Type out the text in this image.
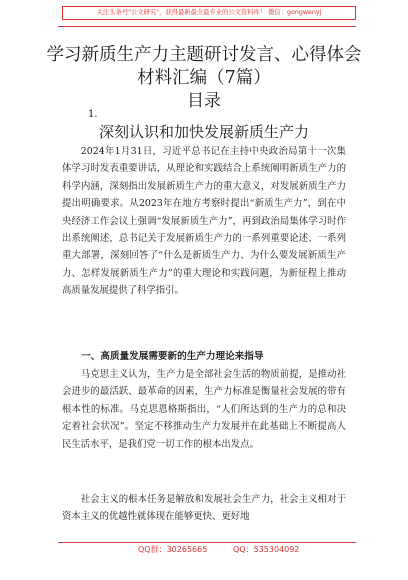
关注头条号"公文研究"，获得最新最全最专业的公文资料库！ 微信：gongwenyj
学习新质生产力主题研讨发言、心得体会材料汇编（7篇）
目录
1.
深刻认识和加快发展新质生产力

2024年1月31日，习近平总书记在主持中央政治局第十一次集体学习时发表重要讲话，从理论和实践结合上系统阐明新质生产力的科学内涵，深刻指出发展新质生产力的重大意义，对发展新质生产力提出明确要求。从2023年在地方考察时提出“新质生产力”，到在中央经济工作会议上强调“发展新质生产力”，再到政治局集体学习时作出系统阐述，总书记关于发展新质生产力的一系列重要论述、一系列重大部署，深刻回答了“什么是新质生产力、为什么要发展新质生产力、怎样发展新质生产力”的重大理论和实践问题，为新征程上推动高质量发展提供了科学指引。

一、高质量发展需要新的生产力理论来指导

马克思主义认为，生产力是全部社会生活的物质前提，是推动社会进步的最活跃、最革命的因素，生产力标准是衡量社会发展的带有根本性的标准。马克思恩格斯指出，“人们所达到的生产力的总和决定着社会状况”。坚定不移推动生产力发展并在此基础上不断提高人民生活水平，是我们党一切工作的根本出发点。

社会主义的根本任务是解放和发展社会生产力，社会主义相对于资本主义的优越性就体现在能够更快、更好地

QQ群：30265665	QQ：535304092
